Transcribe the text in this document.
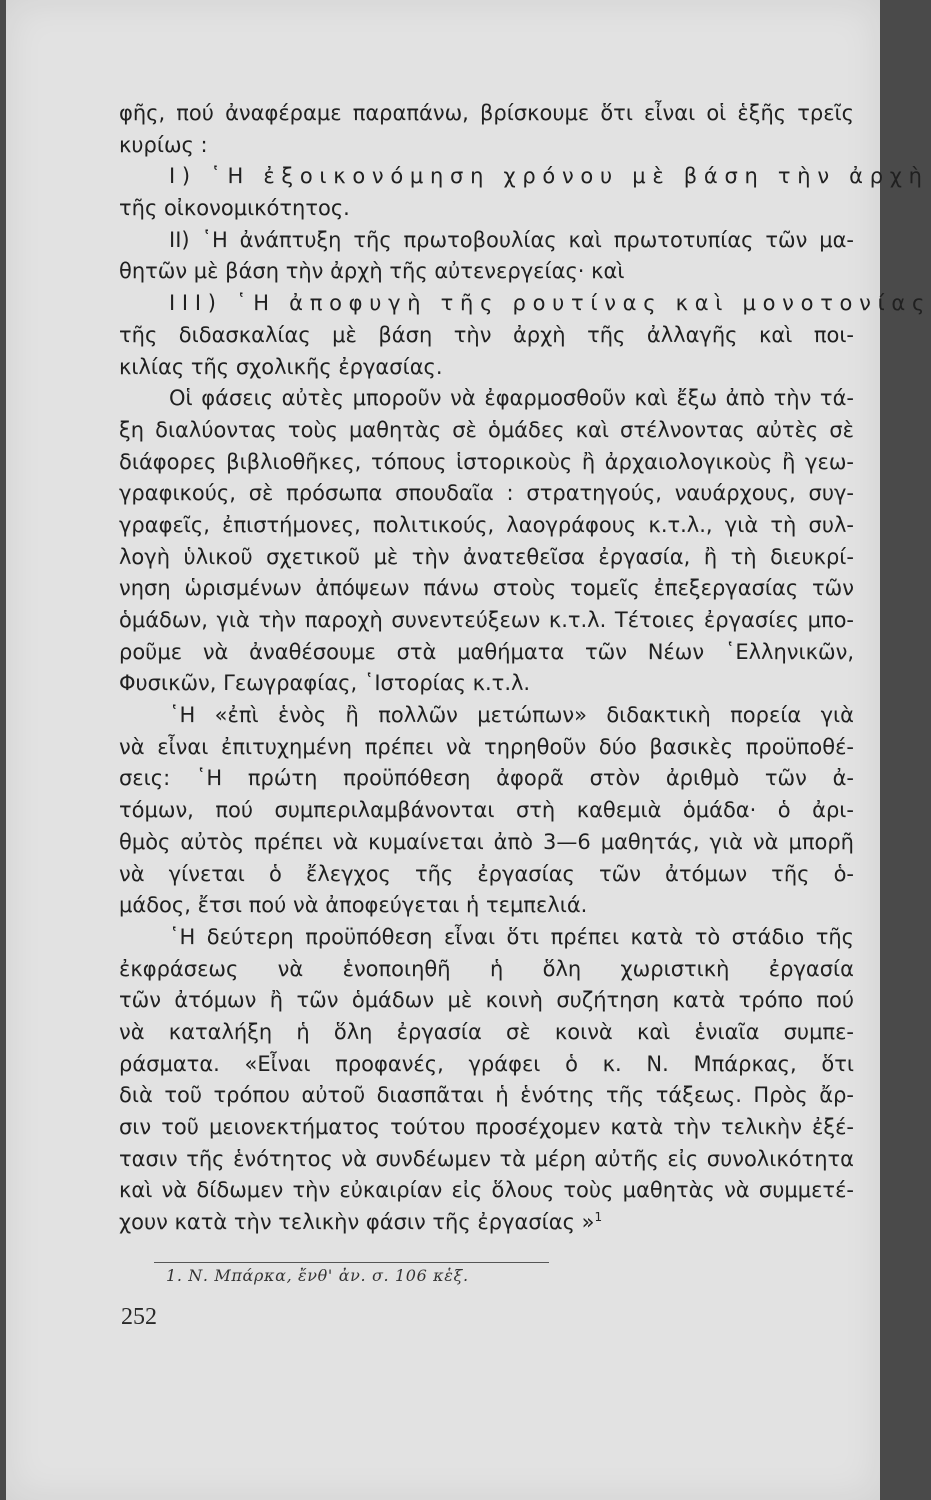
φῆς, πού ἀναφέραμε παραπάνω, βρίσκουμε ὅτι εἶναι οἱ ἑξῆς τρεῖς
κυρίως :
I) ῾Η ἐξοικονόμηση χρόνου μὲ βάση τὴν ἀρχὴ
τῆς οἰκονομικότητος.
II) ῾Η ἀνάπτυξη τῆς πρωτοβουλίας καὶ πρωτοτυπίας τῶν μα-
θητῶν μὲ βάση τὴν ἀρχὴ τῆς αὐτενεργείας· καὶ
III) ῾Η ἀποφυγὴ τῆς ρουτίνας καὶ μονοτονίας
τῆς διδασκαλίας μὲ βάση τὴν ἀρχὴ τῆς ἀλλαγῆς καὶ ποι-
κιλίας τῆς σχολικῆς ἐργασίας.
Οἱ φάσεις αὐτὲς μποροῦν νὰ ἐφαρμοσθοῦν καὶ ἔξω ἀπὸ τὴν τά-
ξη διαλύοντας τοὺς μαθητὰς σὲ ὁμάδες καὶ στέλνοντας αὐτὲς σὲ
διάφορες βιβλιοθῆκες, τόπους ἱστορικοὺς ἢ ἀρχαιολογικοὺς ἢ γεω-
γραφικούς, σὲ πρόσωπα σπουδαῖα : στρατηγούς, ναυάρχους, συγ-
γραφεῖς, ἐπιστήμονες, πολιτικούς, λαογράφους κ.τ.λ., γιὰ τὴ συλ-
λογὴ ὑλικοῦ σχετικοῦ μὲ τὴν ἀνατεθεῖσα ἐργασία, ἢ τὴ διευκρί-
νηση ὡρισμένων ἀπόψεων πάνω στοὺς τομεῖς ἐπεξεργασίας τῶν
ὁμάδων, γιὰ τὴν παροχὴ συνεντεύξεων κ.τ.λ. Τέτοιες ἐργασίες μπο-
ροῦμε νὰ ἀναθέσουμε στὰ μαθήματα τῶν Νέων ῾Ελληνικῶν,
Φυσικῶν, Γεωγραφίας, ῾Ιστορίας κ.τ.λ.
῾Η «ἐπὶ ἑνὸς ἢ πολλῶν μετώπων» διδακτικὴ πορεία γιὰ
νὰ εἶναι ἐπιτυχημένη πρέπει νὰ τηρηθοῦν δύο βασικὲς προϋποθέ-
σεις: ῾Η πρώτη προϋπόθεση ἀφορᾶ στὸν ἀριθμὸ τῶν ἀ-
τόμων, πού συμπεριλαμβάνονται στὴ καθεμιὰ ὁμάδα· ὁ ἀρι-
θμὸς αὐτὸς πρέπει νὰ κυμαίνεται ἀπὸ 3—6 μαθητάς, γιὰ νὰ μπορῆ
νὰ γίνεται ὁ ἔλεγχος τῆς ἐργασίας τῶν ἀτόμων τῆς ὁ-
μάδος, ἔτσι πού νὰ ἀποφεύγεται ἡ τεμπελιά.
῾Η δεύτερη προϋπόθεση εἶναι ὅτι πρέπει κατὰ τὸ στάδιο τῆς
ἐκφράσεως νὰ ἑνοποιηθῆ ἡ ὅλη χωριστικὴ ἐργασία
τῶν ἀτόμων ἢ τῶν ὁμάδων μὲ κοινὴ συζήτηση κατὰ τρόπο πού
νὰ καταλήξη ἡ ὅλη ἐργασία σὲ κοινὰ καὶ ἑνιαῖα συμπε-
ράσματα. «Εἶναι προφανές, γράφει ὁ κ. Ν. Μπάρκας, ὅτι
διὰ τοῦ τρόπου αὐτοῦ διασπᾶται ἡ ἑνότης τῆς τάξεως. Πρὸς ἄρ-
σιν τοῦ μειονεκτήματος τούτου προσέχομεν κατὰ τὴν τελικὴν ἐξέ-
τασιν τῆς ἑνότητος νὰ συνδέωμεν τὰ μέρη αὐτῆς εἰς συνολικότητα
καὶ νὰ δίδωμεν τὴν εὐκαιρίαν εἰς ὅλους τοὺς μαθητὰς νὰ συμμετέ-
χουν κατὰ τὴν τελικὴν φάσιν τῆς ἐργασίας »$^1$
1. Ν. Μπάρκα, ἔνθ' ἀν. σ. 106 κἑξ.
252
